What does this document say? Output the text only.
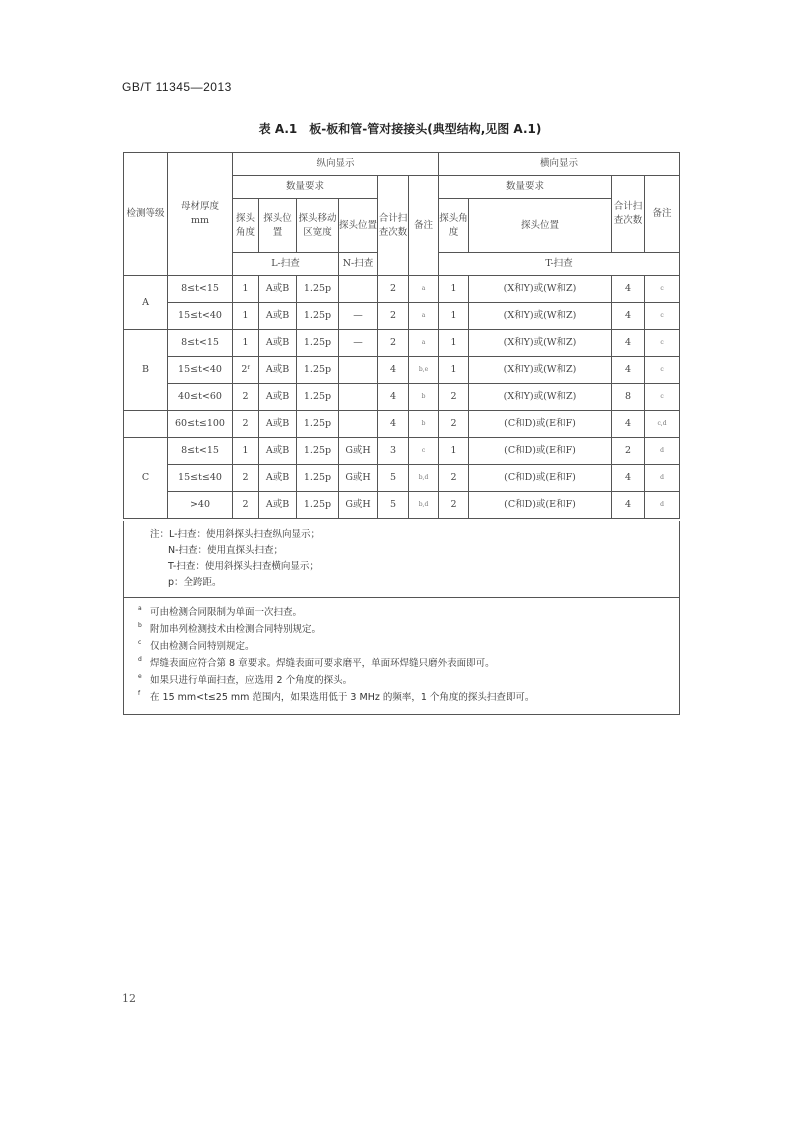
GB/T 11345—2013
表 A.1　板-板和管-管对接接头(典型结构,见图 A.1)
检测等级	母材厚度
mm	纵向显示						横向显示			
		数量要求				合计扫查次数	备注	数量要求		合计扫查次数	备注
		探头角度	探头位置	探头移动区宽度	探头位置			探头角度	探头位置		
		L-扫查			N-扫查			T-扫查			
A	8≤t<15	1	A或B	1.25p		2	a	1	(X和Y)或(W和Z)	4	c
	15≤t<40	1	A或B	1.25p	—	2	a	1	(X和Y)或(W和Z)	4	c
B	8≤t<15	1	A或B	1.25p	—	2	a	1	(X和Y)或(W和Z)	4	c
	15≤t<40	2ᶠ	A或B	1.25p		4	b,e	1	(X和Y)或(W和Z)	4	c
	40≤t<60	2	A或B	1.25p		4	b	2	(X和Y)或(W和Z)	8	c
	60≤t≤100	2	A或B	1.25p		4	b	2	(C和D)或(E和F)	4	c,d
C	8≤t<15	1	A或B	1.25p	G或H	3	c	1	(C和D)或(E和F)	2	d
	15≤t≤40	2	A或B	1.25p	G或H	5	b,d	2	(C和D)或(E和F)	4	d
	>40	2	A或B	1.25p	G或H	5	b,d	2	(C和D)或(E和F)	4	d
注：L-扫查：使用斜探头扫查纵向显示；
N-扫查：使用直探头扫查；
T-扫查：使用斜探头扫查横向显示；
p：全跨距。
a 可由检测合同限制为单面一次扫查。
b 附加串列检测技术由检测合同特别规定。
c 仅由检测合同特别规定。
d 焊缝表面应符合第 8 章要求。焊缝表面可要求磨平，单面环焊缝只磨外表面即可。
e 如果只进行单面扫查，应选用 2 个角度的探头。
f 在 15 mm<t≤25 mm 范围内，如果选用低于 3 MHz 的频率，1 个角度的探头扫查即可。
12
